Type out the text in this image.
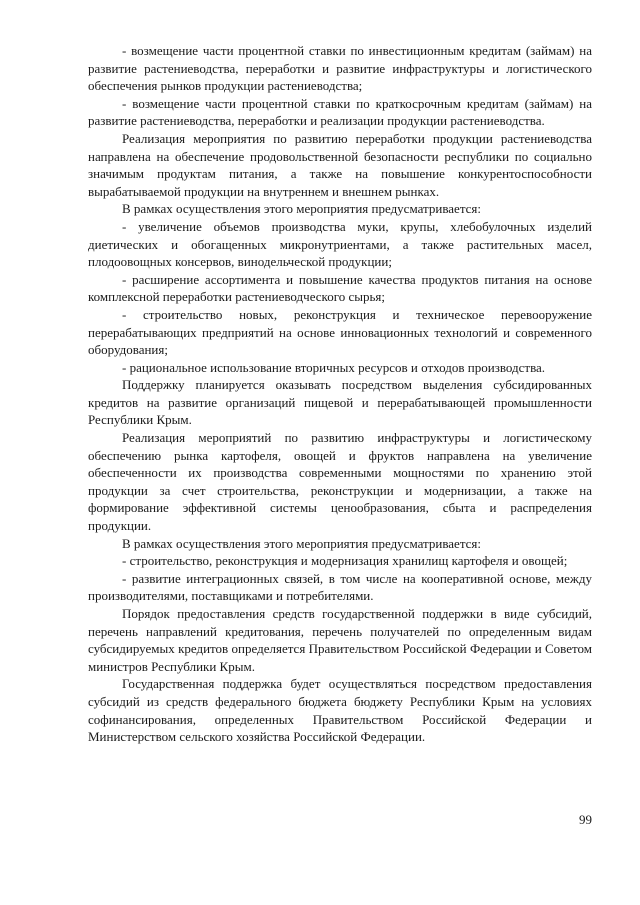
- возмещение части процентной ставки по инвестиционным кредитам (займам) на развитие растениеводства, переработки и развитие инфраструктуры и логистического обеспечения рынков продукции растениеводства;

- возмещение части процентной ставки по краткосрочным кредитам (займам) на развитие растениеводства, переработки и реализации продукции растениеводства.

Реализация мероприятия по развитию переработки продукции растениеводства направлена на обеспечение продовольственной безопасности республики по социально значимым продуктам питания, а также на повышение конкурентоспособности вырабатываемой продукции на внутреннем и внешнем рынках.

В рамках осуществления этого мероприятия предусматривается:

- увеличение объемов производства муки, крупы, хлебобулочных изделий диетических и обогащенных микронутриентами, а также растительных масел, плодоовощных консервов, винодельческой продукции;

- расширение ассортимента и повышение качества продуктов питания на основе комплексной переработки растениеводческого сырья;

- строительство новых, реконструкция и техническое перевооружение перерабатывающих предприятий на основе инновационных технологий и современного оборудования;

- рациональное использование вторичных ресурсов и отходов производства.

Поддержку планируется оказывать посредством выделения субсидированных кредитов на развитие организаций пищевой и перерабатывающей промышленности Республики Крым.

Реализация мероприятий по развитию инфраструктуры и логистическому обеспечению рынка картофеля, овощей и фруктов направлена на увеличение обеспеченности их производства современными мощностями по хранению этой продукции за счет строительства, реконструкции и модернизации, а также на формирование эффективной системы ценообразования, сбыта и распределения продукции.

В рамках осуществления этого мероприятия предусматривается:

- строительство, реконструкция и модернизация хранилищ картофеля и овощей;

- развитие интеграционных связей, в том числе на кооперативной основе, между производителями, поставщиками и потребителями.

Порядок предоставления средств государственной поддержки в виде субсидий, перечень направлений кредитования, перечень получателей по определенным видам субсидируемых кредитов определяется Правительством Российской Федерации и Советом министров Республики Крым.

Государственная поддержка будет осуществляться посредством предоставления субсидий из средств федерального бюджета бюджету Республики Крым на условиях софинансирования, определенных Правительством Российской Федерации и Министерством сельского хозяйства Российской Федерации.

99
